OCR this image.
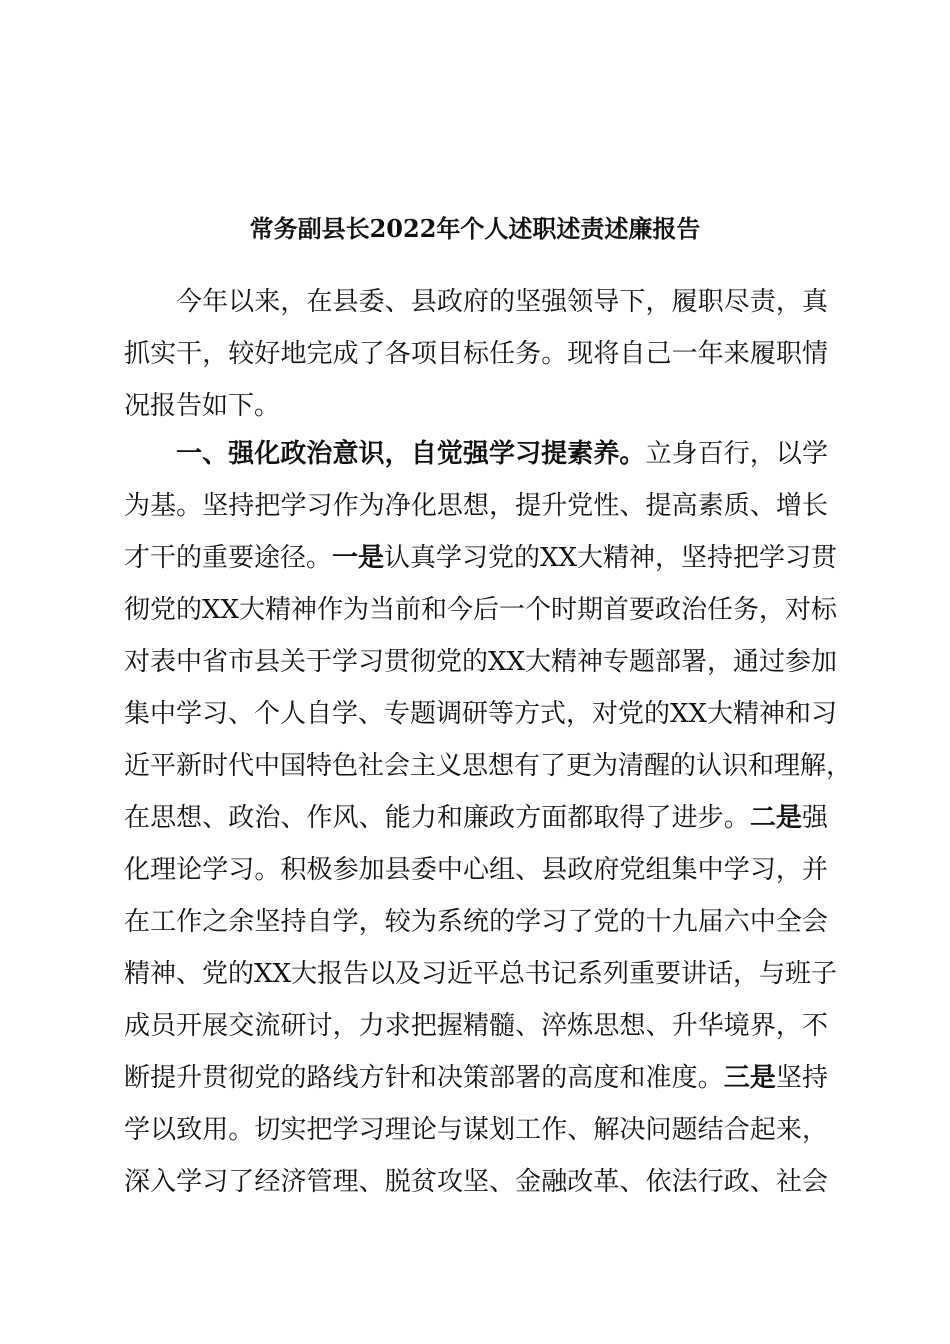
常务副县长2022年个人述职述责述廉报告
今年以来，在县委、县政府的坚强领导下，履职尽责，真
抓实干，较好地完成了各项目标任务。现将自己一年来履职情
况报告如下。
一、强化政治意识，自觉强学习提素养。立身百行，以学
为基。坚持把学习作为净化思想，提升党性、提高素质、增长
才干的重要途径。一是认真学习党的XX大精神，坚持把学习贯
彻党的XX大精神作为当前和今后一个时期首要政治任务，对标
对表中省市县关于学习贯彻党的XX大精神专题部署，通过参加
集中学习、个人自学、专题调研等方式，对党的XX大精神和习
近平新时代中国特色社会主义思想有了更为清醒的认识和理解，
在思想、政治、作风、能力和廉政方面都取得了进步。二是强
化理论学习。积极参加县委中心组、县政府党组集中学习，并
在工作之余坚持自学，较为系统的学习了党的十九届六中全会
精神、党的XX大报告以及习近平总书记系列重要讲话，与班子
成员开展交流研讨，力求把握精髓、淬炼思想、升华境界，不
断提升贯彻党的路线方针和决策部署的高度和准度。三是坚持
学以致用。切实把学习理论与谋划工作、解决问题结合起来，
深入学习了经济管理、脱贫攻坚、金融改革、依法行政、社会
